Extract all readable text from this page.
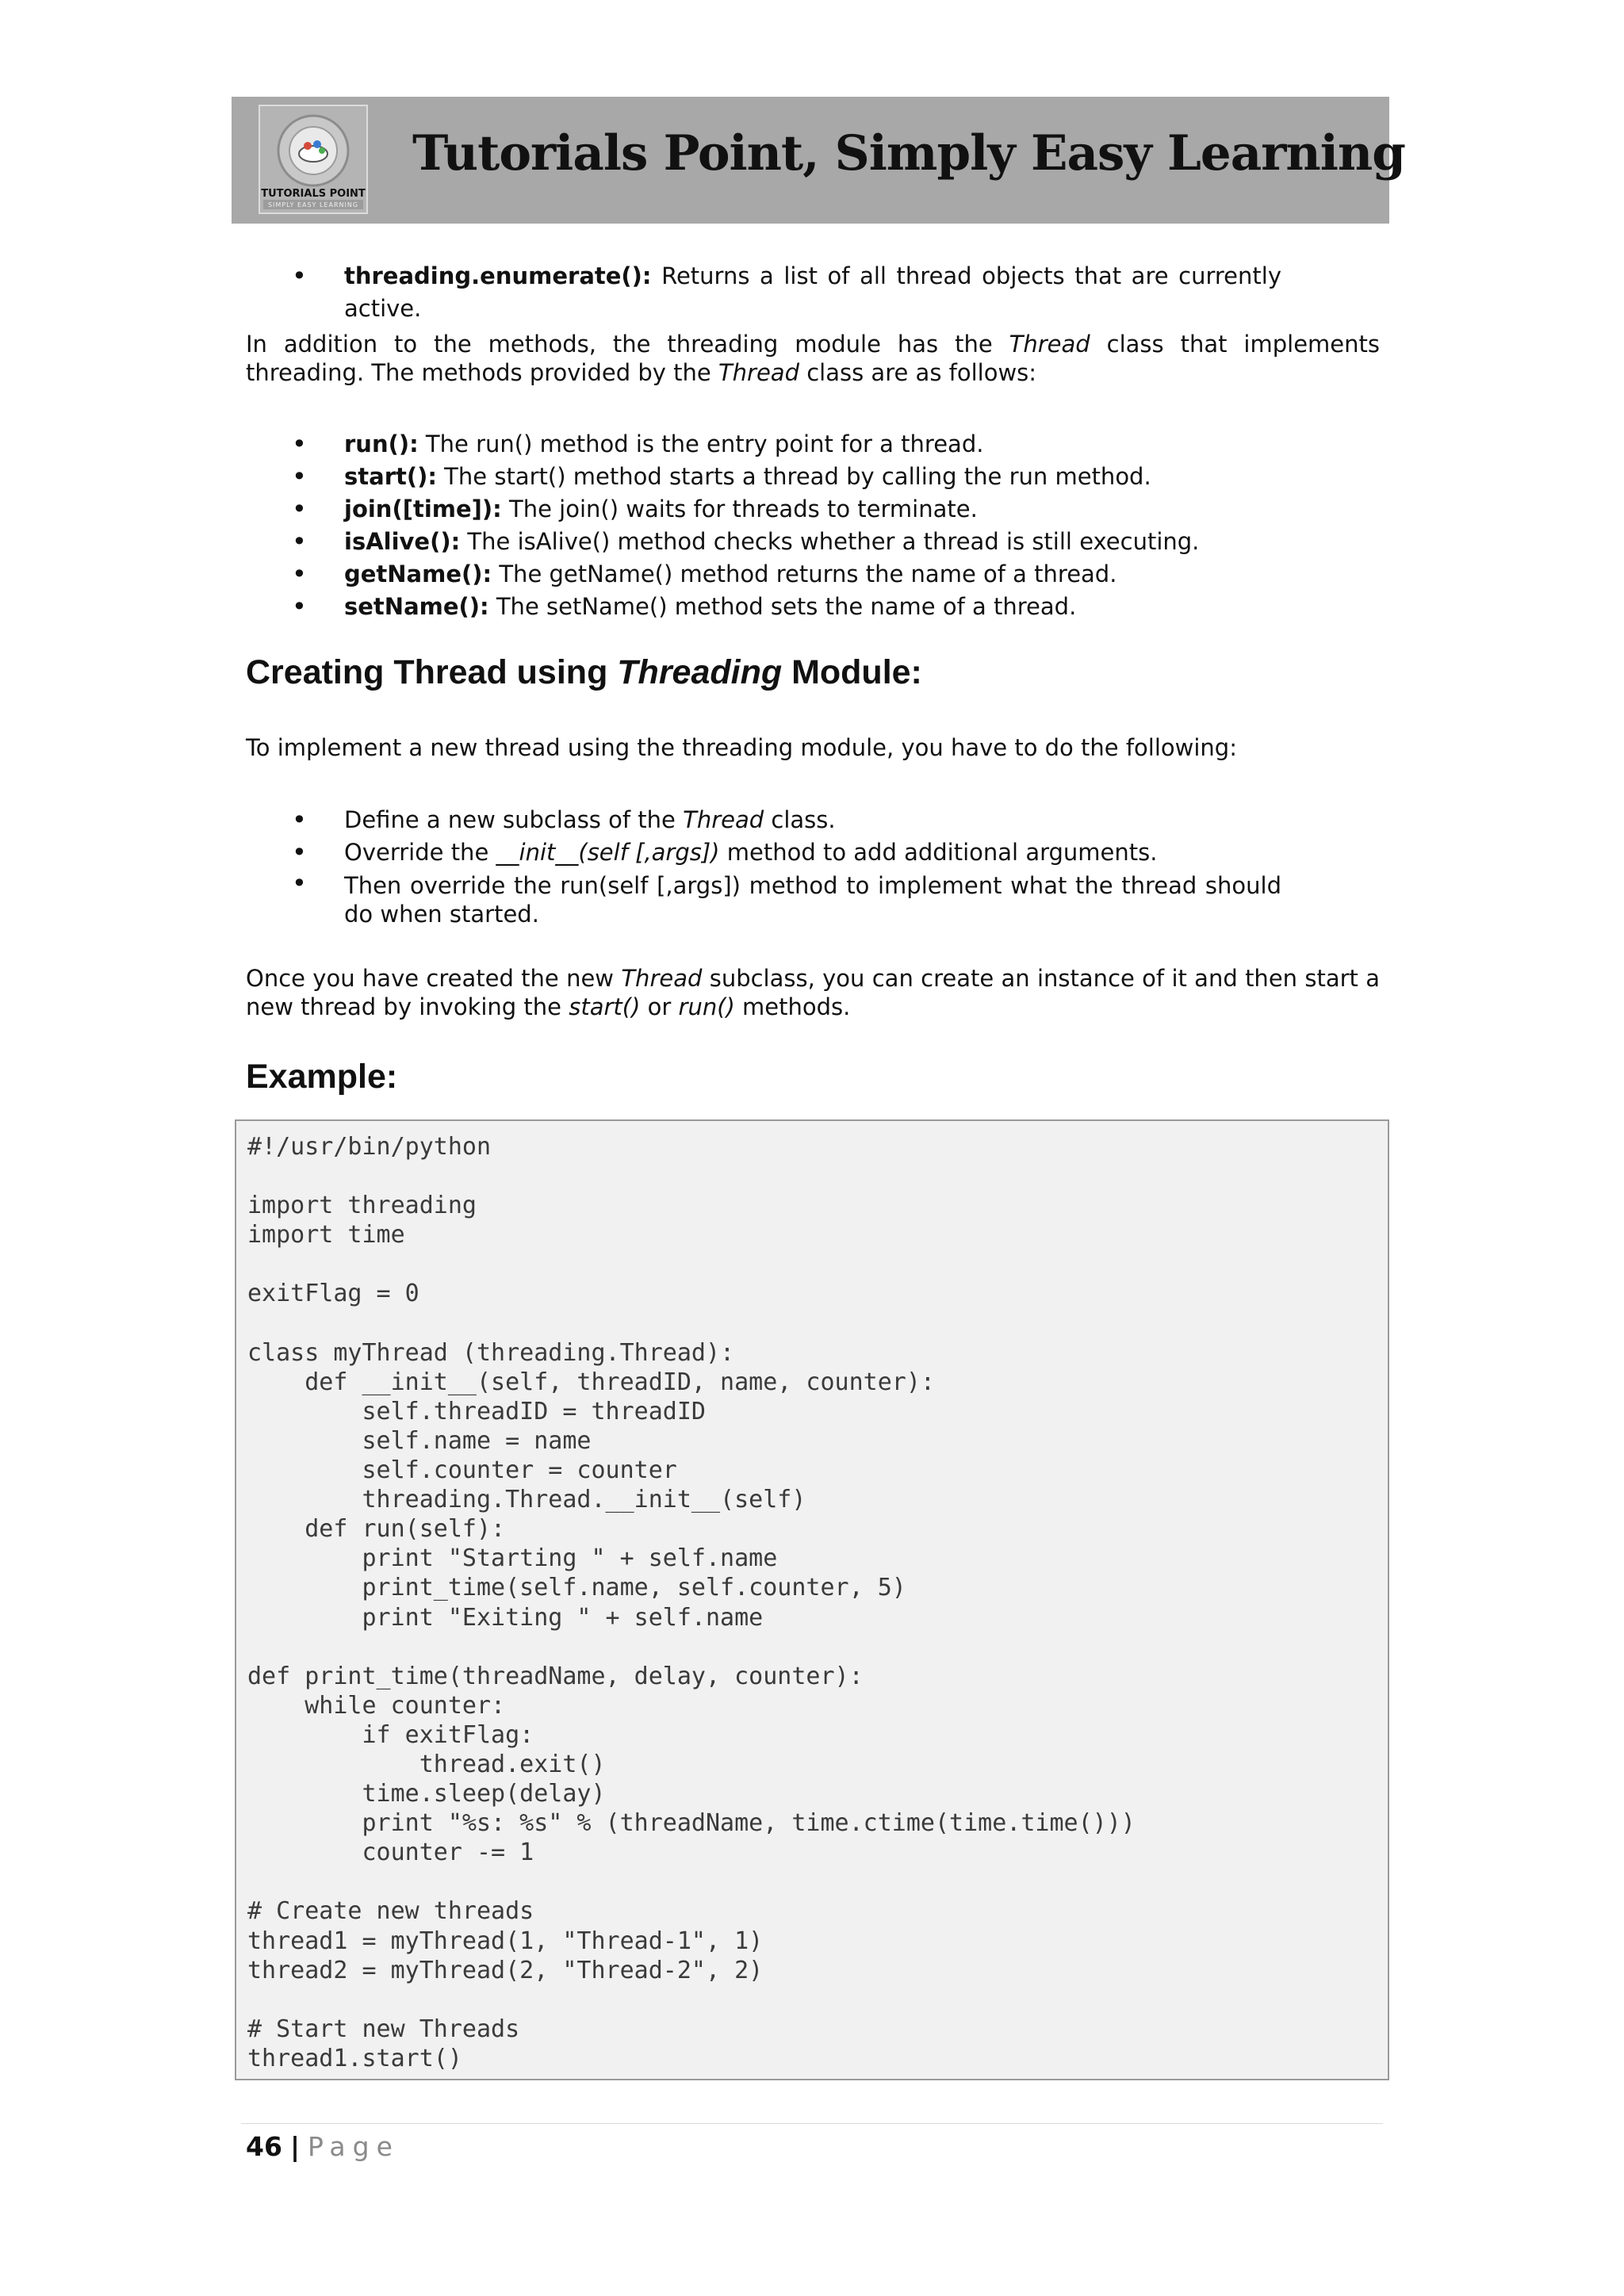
TUTORIALS POINT
SIMPLY EASY LEARNING
Tutorials Point, Simply Easy Learning
• threading.enumerate(): Returns a list of all thread objects that are currently active.

In addition to the methods, the threading module has the Thread class that implements threading. The methods provided by the Thread class are as follows:

• run(): The run() method is the entry point for a thread.
• start(): The start() method starts a thread by calling the run method.
• join([time]): The join() waits for threads to terminate.
• isAlive(): The isAlive() method checks whether a thread is still executing.
• getName(): The getName() method returns the name of a thread.
• setName(): The setName() method sets the name of a thread.
Creating Thread using Threading Module:

To implement a new thread using the threading module, you have to do the following:

• Define a new subclass of the Thread class.
• Override the __init__(self [,args]) method to add additional arguments.
• Then override the run(self [,args]) method to implement what the thread should do when started.

Once you have created the new Thread subclass, you can create an instance of it and then start a new thread by invoking the start() or run() methods.

Example:
#!/usr/bin/python

import threading
import time

exitFlag = 0

class myThread (threading.Thread):
def __init__(self, threadID, name, counter):
self.threadID = threadID
self.name = name
self.counter = counter
threading.Thread.__init__(self)
def run(self):
print "Starting " + self.name
print_time(self.name, self.counter, 5)
print "Exiting " + self.name

def print_time(threadName, delay, counter):
while counter:
if exitFlag:
thread.exit()
time.sleep(delay)
print "%s: %s" % (threadName, time.ctime(time.time()))
counter -= 1

# Create new threads
thread1 = myThread(1, "Thread-1", 1)
thread2 = myThread(2, "Thread-2", 2)

# Start new Threads
thread1.start()
46 | Page
